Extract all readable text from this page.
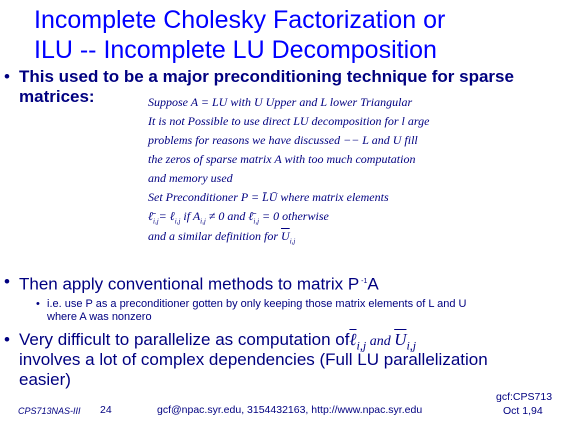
Incomplete Cholesky Factorization or
ILU -- Incomplete LU Decomposition
• This used to be a major preconditioning technique for sparse
matrices:	Suppose A = LU with U Upper and L lower Triangular
It is not Possible to use direct LU decomposition for l arge
problems for reasons we have discussed −− L and U fill
the zeros of sparse matrix A with too much computation
and memory used
Set Preconditioner P = L̄Ū where matrix elements
$\ell̄_{i,j}=$ ℓ$_{i,j}$ if $A_{i,j} \ne 0$ and $\ell̄_{i,j} = 0$ otherwise
and a similar definition for $\overline{U}_{i,j}$
• Then apply conventional methods to matrix P $^{-1}$A
• i.e. use P as a preconditioner gotten by only keeping those matrix elements of L and U
where A was nonzero
• Very difficult to parallelize as computation ofℓ$_{i,j}$ and $\overline{U}_{i,j}$
involves a lot of complex dependencies (Full LU parallelization
easier)
CPS713NAS-III 24	gcf@npac.syr.edu, 3154432163, http://www.npac.syr.edu
gcf:CPS713
Oct 1,94
